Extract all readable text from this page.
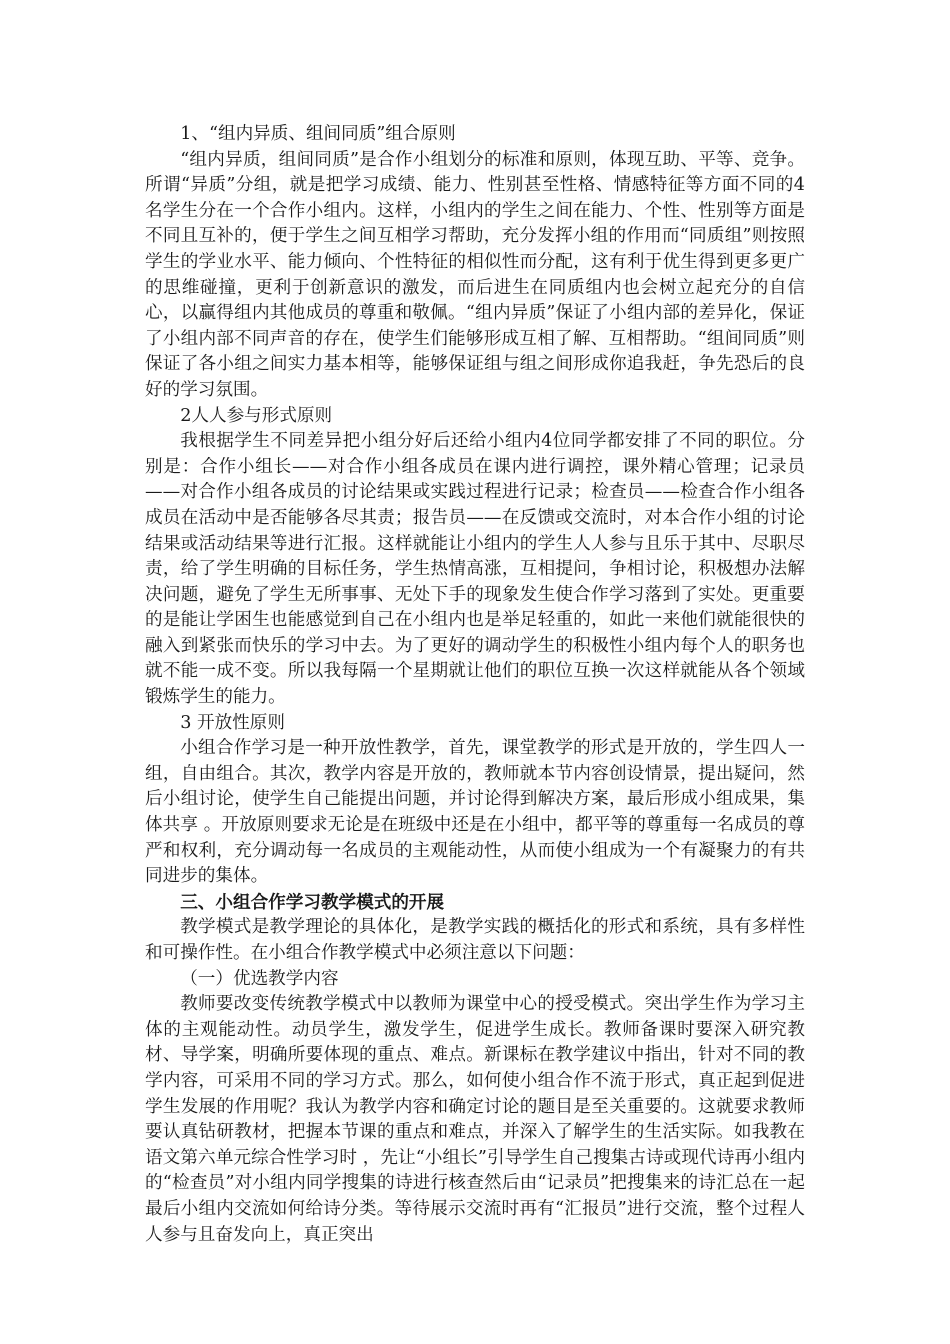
1、“组内异质、组间同质”组合原则

“组内异质，组间同质”是合作小组划分的标准和原则，体现互助、平等、竞争。所谓“异质”分组，就是把学习成绩、能力、性别甚至性格、情感特征等方面不同的4名学生分在一个合作小组内。这样，小组内的学生之间在能力、个性、性别等方面是不同且互补的，便于学生之间互相学习帮助，充分发挥小组的作用而“同质组”则按照学生的学业水平、能力倾向、个性特征的相似性而分配，这有利于优生得到更多更广的思维碰撞，更利于创新意识的激发，而后进生在同质组内也会树立起充分的自信心，以赢得组内其他成员的尊重和敬佩。“组内异质”保证了小组内部的差异化，保证了小组内部不同声音的存在，使学生们能够形成互相了解、互相帮助。“组间同质”则保证了各小组之间实力基本相等，能够保证组与组之间形成你追我赶，争先恐后的良好的学习氛围。

2人人参与形式原则

我根据学生不同差异把小组分好后还给小组内4位同学都安排了不同的职位。分别是：合作小组长——对合作小组各成员在课内进行调控，课外精心管理；记录员——对合作小组各成员的讨论结果或实践过程进行记录；检查员——检查合作小组各成员在活动中是否能够各尽其责；报告员——在反馈或交流时，对本合作小组的讨论结果或活动结果等进行汇报。这样就能让小组内的学生人人参与且乐于其中、尽职尽责，给了学生明确的目标任务，学生热情高涨，互相提问，争相讨论，积极想办法解决问题，避免了学生无所事事、无处下手的现象发生使合作学习落到了实处。更重要的是能让学困生也能感觉到自己在小组内也是举足轻重的，如此一来他们就能很快的融入到紧张而快乐的学习中去。为了更好的调动学生的积极性小组内每个人的职务也就不能一成不变。所以我每隔一个星期就让他们的职位互换一次这样就能从各个领域锻炼学生的能力。

3 开放性原则

小组合作学习是一种开放性教学，首先，课堂教学的形式是开放的，学生四人一组，自由组合。其次，教学内容是开放的，教师就本节内容创设情景，提出疑问，然后小组讨论，使学生自己能提出问题，并讨论得到解决方案，最后形成小组成果，集体共享 。开放原则要求无论是在班级中还是在小组中，都平等的尊重每一名成员的尊严和权利，充分调动每一名成员的主观能动性，从而使小组成为一个有凝聚力的有共同进步的集体。

三、小组合作学习教学模式的开展

教学模式是教学理论的具体化，是教学实践的概括化的形式和系统，具有多样性和可操作性。在小组合作教学模式中必须注意以下问题：

（一）优选教学内容

教师要改变传统教学模式中以教师为课堂中心的授受模式。突出学生作为学习主体的主观能动性。动员学生，激发学生，促进学生成长。教师备课时要深入研究教材、导学案，明确所要体现的重点、难点。新课标在教学建议中指出，针对不同的教学内容，可采用不同的学习方式。那么，如何使小组合作不流于形式，真正起到促进学生发展的作用呢？我认为教学内容和确定讨论的题目是至关重要的。这就要求教师要认真钻研教材，把握本节课的重点和难点，并深入了解学生的生活实际。如我教在语文第六单元综合性学习时 ，先让“小组长”引导学生自己搜集古诗或现代诗再小组内的“检查员”对小组内同学搜集的诗进行核查然后由“记录员”把搜集来的诗汇总在一起最后小组内交流如何给诗分类。等待展示交流时再有“汇报员”进行交流，整个过程人人参与且奋发向上，真正突出
